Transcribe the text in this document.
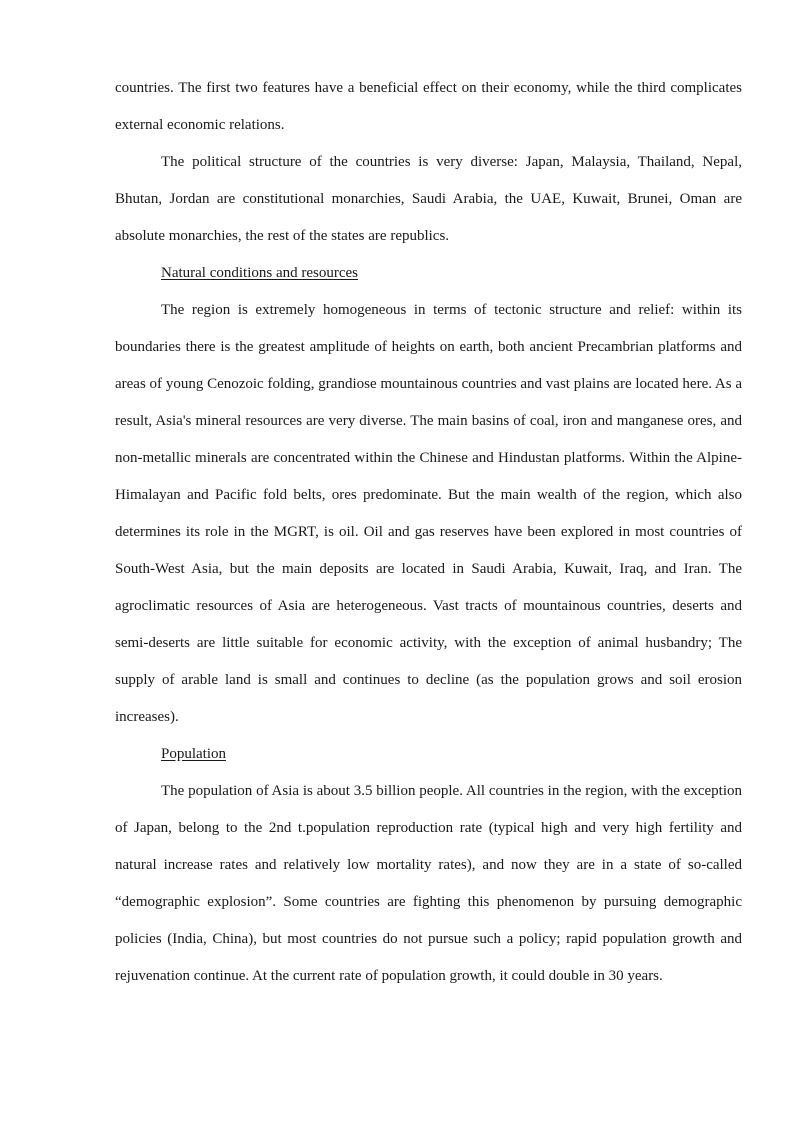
countries. The first two features have a beneficial effect on their economy, while the third complicates external economic relations.

The political structure of the countries is very diverse: Japan, Malaysia, Thailand, Nepal, Bhutan, Jordan are constitutional monarchies, Saudi Arabia, the UAE, Kuwait, Brunei, Oman are absolute monarchies, the rest of the states are republics.

Natural conditions and resources

The region is extremely homogeneous in terms of tectonic structure and relief: within its boundaries there is the greatest amplitude of heights on earth, both ancient Precambrian platforms and areas of young Cenozoic folding, grandiose mountainous countries and vast plains are located here. As a result, Asia's mineral resources are very diverse. The main basins of coal, iron and manganese ores, and non-metallic minerals are concentrated within the Chinese and Hindustan platforms. Within the Alpine-Himalayan and Pacific fold belts, ores predominate. But the main wealth of the region, which also determines its role in the MGRT, is oil. Oil and gas reserves have been explored in most countries of South-West Asia, but the main deposits are located in Saudi Arabia, Kuwait, Iraq, and Iran. The agroclimatic resources of Asia are heterogeneous. Vast tracts of mountainous countries, deserts and semi-deserts are little suitable for economic activity, with the exception of animal husbandry; The supply of arable land is small and continues to decline (as the population grows and soil erosion increases).

Population

The population of Asia is about 3.5 billion people. All countries in the region, with the exception of Japan, belong to the 2nd t.population reproduction rate (typical high and very high fertility and natural increase rates and relatively low mortality rates), and now they are in a state of so-called “demographic explosion”. Some countries are fighting this phenomenon by pursuing demographic policies (India, China), but most countries do not pursue such a policy; rapid population growth and rejuvenation continue. At the current rate of population growth, it could double in 30 years.
